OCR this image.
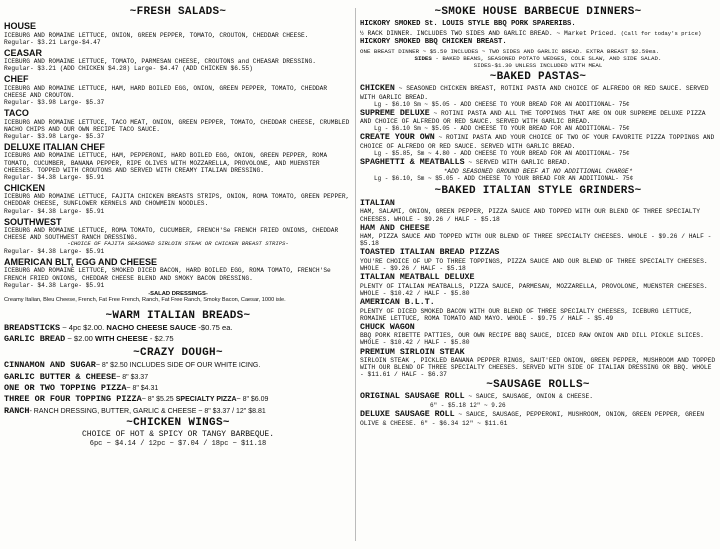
~FRESH SALADS~
HOUSE
ICEBURG AND ROMAINE LETTUCE, ONION, GREEN PEPPER, TOMATO, CROUTON, CHEDDAR CHEESE.
Regular- $3.21 Large-$4.47
CEASAR
ICEBURG AND ROMAINE LETTUCE, TOMATO, PARMESAN CHEESE, CROUTONS and CHEASAR DRESSING.
Regular- $3.21 (ADD CHICKEN $4.28) Large- $4.47 (ADD CHICKEN $6.55)
CHEF
ICEBURG AND ROMAINE LETTUCE, HAM, HARD BOILED EGG, ONION, GREEN PEPPER, TOMATO, CHEDDAR CHEESE AND CROUTON.
Regular- $3.98 Large- $5.37
TACO
ICEBURG AND ROMAINE LETTUCE, TACO MEAT, ONION, GREEN PEPPER, TOMATO, CHEDDAR CHEESE, CRUMBLED NACHO CHIPS AND OUR OWN RECIPE TACO SAUCE.
Regular- $3.98 Large- $5.37
DELUXE ITALIAN CHEF
ICEBURG AND ROMAINE LETTUCE, HAM, PEPPERONI, HARD BOILED EGG, ONION, GREEN PEPPER, ROMA TOMATO, CUCUMBER, BANANA PEPPER, RIPE OLIVES WITH MOZZARELLA, PROVOLONE, AND MUENSTER CHEESES. TOPPED WITH CROUTONS AND SERVED WITH CREAMY ITALIAN DRESSING.
Regular- $4.38 Large- $5.91
CHICKEN
ICEBURG AND ROMAINE LETTUCE, FAJITA CHICKEN BREASTS STRIPS, ONION, ROMA TOMATO, GREEN PEPPER, CHEDDAR CHEESE, SUNFLOWER KERNELS AND CHOWMEIN NOODLES.
Regular- $4.38 Large- $5.91
SOUTHWEST
ICEBURG AND ROMAINE LETTUCE, ROMA TOMATO, CUCUMBER, FRENCH'Se FRENCH FRIED ONIONS, CHEDDAR CHEESE AND SOUTHWEST RANCH DRESSING.
-CHOICE OF FAJITA SEASONED SIRLOIN STEAK OR CHICKEN BREAST STRIPS-
Regular- $4.38 Large- $5.91
AMERICAN BLT, EGG AND CHEESE
ICEBURG AND ROMAINE LETTUCE, SMOKED DICED BACON, HARD BOILED EGG, ROMA TOMATO, FRENCH'Se FRENCH FRIED ONIONS, CHEDDAR CHEESE BLEND AND SMOKY BACON DRESSING.
Regular- $4.38 Large- $5.91
-SALAD DRESSINGS-
Creamy Italian, Bleu Cheese, French, Fat Free French, Ranch, Fat Free Ranch, Smoky Bacon, Caesar, 1000 isle.
~WARM ITALIAN BREADS~
BREADSTICKS ~ 4pc $2.00. NACHO CHEESE SAUCE -$0.75 ea.
GARLIC BREAD ~ $2.00 WITH CHEESE - $2.75
~CRAZY DOUGH~
CINNAMON AND SUGAR~ 8" $2.50 INCLUDES SIDE OF OUR WHITE ICING.
GARLIC BUTTER & CHEESE~ 8" $3.37
ONE OR TWO TOPPING PIZZA~ 8" $4.31
THREE OR FOUR TOPPING PIZZA~ 8" $5.25 SPECIALTY PIZZA~ 8" $6.09
RANCH- RANCH DRESSING, BUTTER, GARLIC & CHEESE ~ 8" $3.37 / 12" $8.81
~CHICKEN WINGS~
CHOICE OF HOT & SPICY OR TANGY BARBEQUE.
6pc ~ $4.14 / 12pc ~ $7.04 / 18pc ~ $11.18
~SMOKE HOUSE BARBECUE DINNERS~
HICKORY SMOKED St. LOUIS STYLE BBQ PORK SPARERIBS.
½ RACK DINNER. INCLUDES TWO SIDES AND GARLIC BREAD. ~ Market Priced. (Call for today's price)
HICKORY SMOKED BBQ CHICKEN BREAST.
ONE BREAST DINNER ~ $5.59 INCLUDES ~ TWO SIDES AND GARLIC BREAD. EXTRA BREAST $2.59ea.
SIDES - BAKED BEANS, SEASONED POTATO WEDGES, COLE SLAW, AND SIDE SALAD.
SIDES-$1.30 UNLESS INCLUDED WITH MEAL
~BAKED PASTAS~
CHICKEN ~ SEASONED CHICKEN BREAST, ROTINI PASTA AND CHOICE OF ALFREDO OR RED SAUCE. SERVED WITH GARLIC BREAD.
Lg - $6.10 Sm ~ $5.05 - ADD CHEESE TO YOUR BREAD FOR AN ADDITIONAL- 75¢
SUPREME DELUXE ~ ROTINI PASTA AND ALL THE TOPPINGS THAT ARE ON OUR SUPREME DELUXE PIZZA AND CHOICE OF ALFREDO OR RED SAUCE. SERVED WITH GARLIC BREAD.
Lg - $6.10 Sm ~ $5.05 - ADD CHEESE TO YOUR BREAD FOR AN ADDITIONAL- 75¢
CREATE YOUR OWN ~ ROTINI PASTA AND YOUR CHOICE OF TWO OF YOUR FAVORITE PIZZA TOPPINGS AND CHOICE OF ALFREDO OR RED SAUCE. SERVED WITH GARLIC BREAD.
Lg - $5.85, Sm ~ 4.80 - ADD CHEESE TO YOUR BREAD FOR AN ADDITIONAL- 75¢
SPAGHETTI & MEATBALLS ~ SERVED WITH GARLIC BREAD.
*ADD SEASONED GROUND BEEF AT NO ADDITIONAL CHARGE*
Lg - $6.10, Sm ~ $5.05 - ADD CHEESE TO YOUR BREAD FOR AN ADDITIONAL- 75¢
~BAKED ITALIAN STYLE GRINDERS~
ITALIAN
HAM, SALAMI, ONION, GREEN PEPPER, PIZZA SAUCE AND TOPPED WITH OUR BLEND OF THREE SPECIALTY CHEESES. WHOLE - $9.26 / HALF - $5.18
HAM AND CHEESE
HAM, PIZZA SAUCE AND TOPPED WITH OUR BLEND OF THREE SPECIALTY CHEESES. WHOLE - $9.26 / HALF - $5.18
TOASTED ITALIAN BREAD PIZZAS
YOU'RE CHOICE OF UP TO THREE TOPPINGS, PIZZA SAUCE AND OUR BLEND OF THREE SPECIALTY CHEESES. WHOLE - $9.26 / HALF - $5.18
ITALIAN MEATBALL DELUXE
PLENTY OF ITALIAN MEATBALLS, PIZZA SAUCE, PARMESAN, MOZZARELLA, PROVOLONE, MUENSTER CHEESES. WHOLE - $10.42 / HALF - $5.80
AMERICAN B.L.T.
PLENTY OF DICED SMOKED BACON WITH OUR BLEND OF THREE SPECIALTY CHEESES, ICEBURG LETTUCE, ROMAINE LETTUCE, ROMA TOMATO AND MAYO. WHOLE - $9.75 / HALF - $5.49
CHUCK WAGON
BBQ PORK RIBETTE PATTIES, OUR OWN RECIPE BBQ SAUCE, DICED RAW ONION AND DILL PICKLE SLICES. WHOLE - $10.42 / HALF - $5.80
PREMIUM SIRLOIN STEAK
SIRLOIN STEAK , PICKLED BANANA PEPPER RINGS, SAUT'EED ONION, GREEN PEPPER, MUSHROOM AND TOPPED WITH OUR BLEND OF THREE SPECIALTY CHEESES. SERVED WITH SIDE OF ITALIAN DRESSING OR BBQ. WHOLE - $11.61 / HALF - $6.37
~SAUSAGE ROLLS~
ORIGINAL SAUSAGE ROLL ~ SAUCE, SAUSAGE, ONION & CHEESE.
6" - $5.18 12" ~ 9.26
DELUXE SAUSAGE ROLL ~ SAUCE, SAUSAGE, PEPPERONI, MUSHROOM, ONION, GREEN PEPPER, GREEN OLIVE & CHEESE. 6" - $6.34 12" ~ $11.61
